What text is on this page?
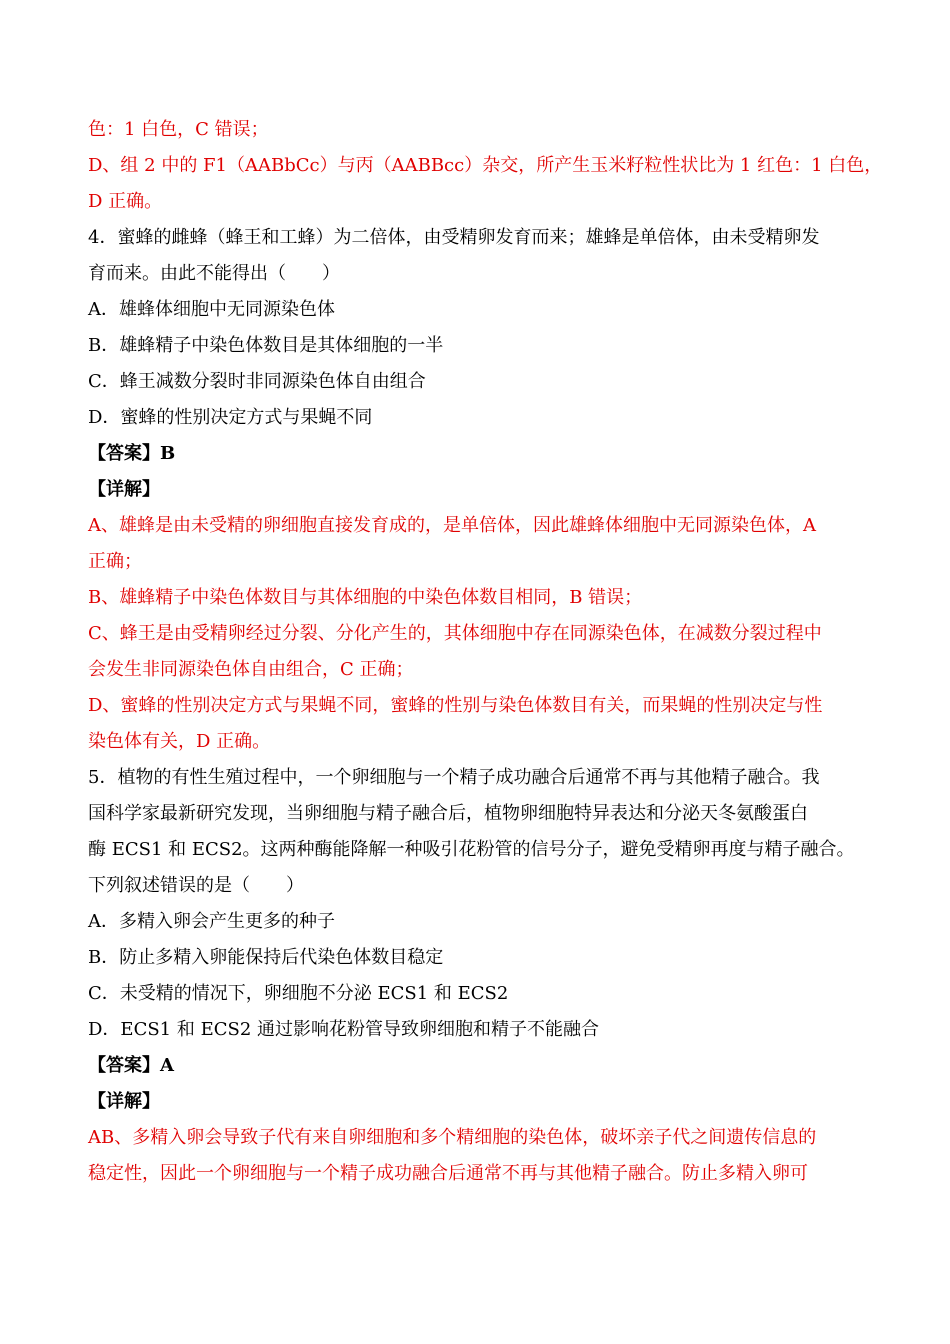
色：1 白色，C 错误；
D、组 2 中的 F1（AABbCc）与丙（AABBcc）杂交，所产生玉米籽粒性状比为 1 红色：1 白色，
D 正确。
4．蜜蜂的雌蜂（蜂王和工蜂）为二倍体，由受精卵发育而来；雄蜂是单倍体，由未受精卵发
育而来。由此不能得出（　　）
A．雄蜂体细胞中无同源染色体
B．雄蜂精子中染色体数目是其体细胞的一半
C．蜂王减数分裂时非同源染色体自由组合
D．蜜蜂的性别决定方式与果蝇不同
【答案】B
【详解】
A、雄蜂是由未受精的卵细胞直接发育成的，是单倍体，因此雄蜂体细胞中无同源染色体，A
正确；
B、雄蜂精子中染色体数目与其体细胞的中染色体数目相同，B 错误；
C、蜂王是由受精卵经过分裂、分化产生的，其体细胞中存在同源染色体，在减数分裂过程中
会发生非同源染色体自由组合，C 正确；
D、蜜蜂的性别决定方式与果蝇不同，蜜蜂的性别与染色体数目有关，而果蝇的性别决定与性
染色体有关，D 正确。
5．植物的有性生殖过程中，一个卵细胞与一个精子成功融合后通常不再与其他精子融合。我
国科学家最新研究发现，当卵细胞与精子融合后，植物卵细胞特异表达和分泌天冬氨酸蛋白
酶 ECS1 和 ECS2。这两种酶能降解一种吸引花粉管的信号分子，避免受精卵再度与精子融合。
下列叙述错误的是（　　）
A．多精入卵会产生更多的种子
B．防止多精入卵能保持后代染色体数目稳定
C．未受精的情况下，卵细胞不分泌 ECS1 和 ECS2
D．ECS1 和 ECS2 通过影响花粉管导致卵细胞和精子不能融合
【答案】A
【详解】
AB、多精入卵会导致子代有来自卵细胞和多个精细胞的染色体，破坏亲子代之间遗传信息的
稳定性，因此一个卵细胞与一个精子成功融合后通常不再与其他精子融合。防止多精入卵可
